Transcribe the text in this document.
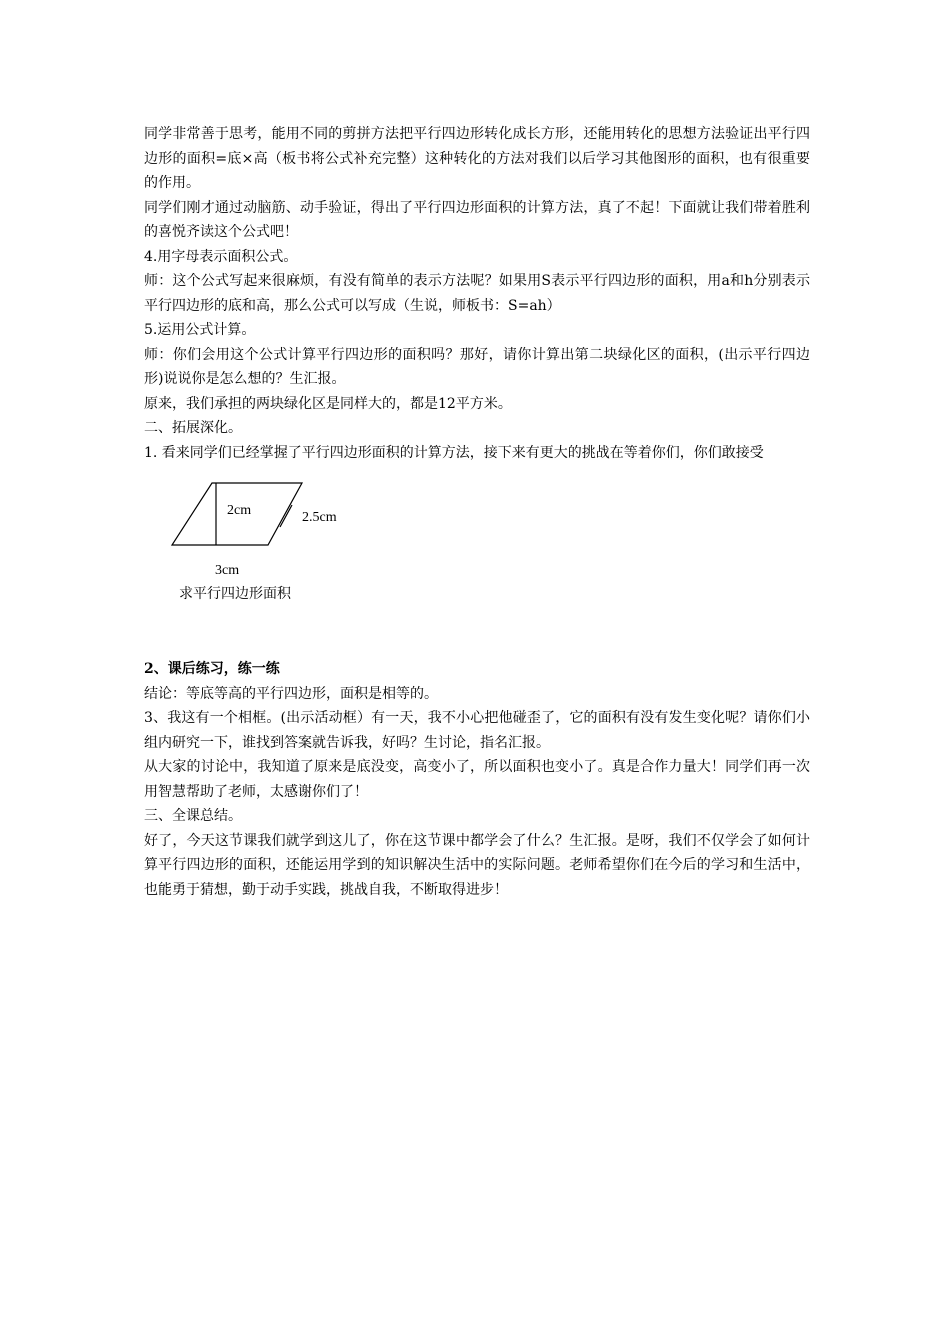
同学非常善于思考，能用不同的剪拼方法把平行四边形转化成长方形，还能用转化的思想方法验证出平行四边形的面积=底×高（板书将公式补充完整）这种转化的方法对我们以后学习其他图形的面积，也有很重要的作用。

同学们刚才通过动脑筋、动手验证，得出了平行四边形面积的计算方法，真了不起！下面就让我们带着胜利的喜悦齐读这个公式吧！

4.用字母表示面积公式。

师：这个公式写起来很麻烦，有没有简单的表示方法呢？如果用S表示平行四边形的面积，用a和h分别表示平行四边形的底和高，那么公式可以写成（生说，师板书：S=ah）

5.运用公式计算。

师：你们会用这个公式计算平行四边形的面积吗？那好，请你计算出第二块绿化区的面积，(出示平行四边形)说说你是怎么想的？生汇报。

原来，我们承担的两块绿化区是同样大的，都是12平方米。

二、拓展深化。

1. 看来同学们已经掌握了平行四边形面积的计算方法，接下来有更大的挑战在等着你们，你们敢接受

2cm	2.5cm
3cm
求平行四边形面积

2、课后练习，练一练

结论：等底等高的平行四边形，面积是相等的。

3、我这有一个相框。(出示活动框）有一天，我不小心把他碰歪了，它的面积有没有发生变化呢？请你们小组内研究一下，谁找到答案就告诉我，好吗？生讨论，指名汇报。

从大家的讨论中，我知道了原来是底没变，高变小了，所以面积也变小了。真是合作力量大！同学们再一次用智慧帮助了老师，太感谢你们了！

三、全课总结。

好了，今天这节课我们就学到这儿了，你在这节课中都学会了什么？生汇报。是呀，我们不仅学会了如何计算平行四边形的面积，还能运用学到的知识解决生活中的实际问题。老师希望你们在今后的学习和生活中，也能勇于猜想，勤于动手实践，挑战自我，不断取得进步！
